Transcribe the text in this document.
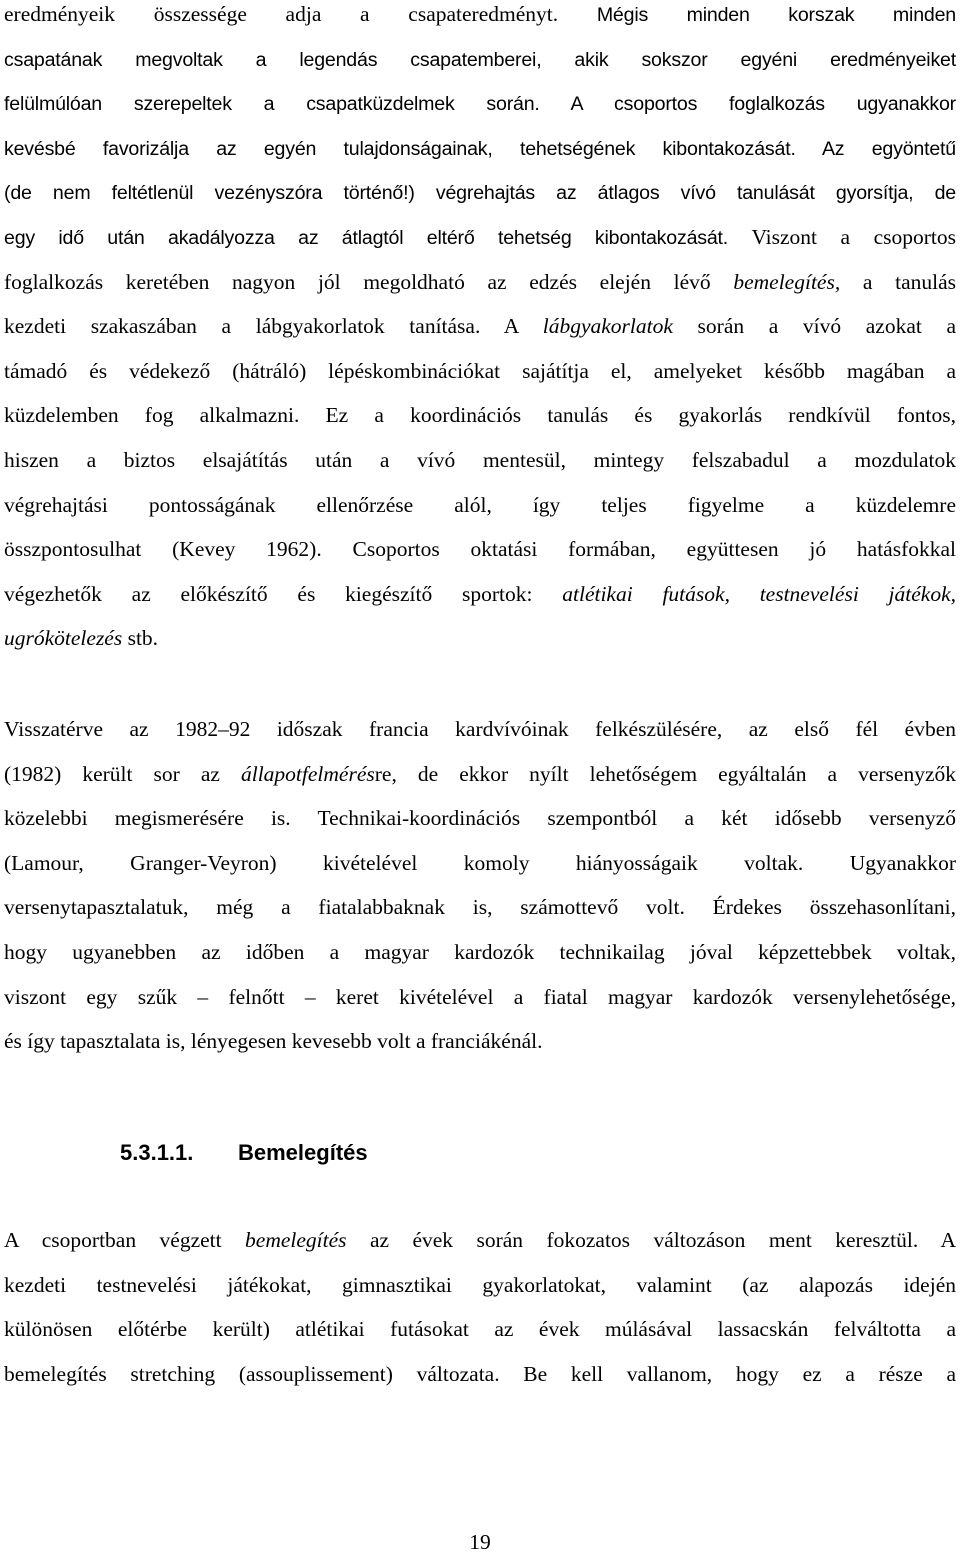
eredményeik összessége adja a csapateredményt. Mégis minden korszak minden
csapatának megvoltak a legendás csapatemberei, akik sokszor egyéni eredményeiket
felülmúlóan szerepeltek a csapatküzdelmek során. A csoportos foglalkozás ugyanakkor
kevésbé favorizálja az egyén tulajdonságainak, tehetségének kibontakozását. Az egyöntetű
(de nem feltétlenül vezényszóra történő!) végrehajtás az átlagos vívó tanulását gyorsítja, de
egy idő után akadályozza az átlagtól eltérő tehetség kibontakozását. Viszont a csoportos
foglalkozás keretében nagyon jól megoldható az edzés elején lévő bemelegítés, a tanulás
kezdeti szakaszában a lábgyakorlatok tanítása. A lábgyakorlatok során a vívó azokat a
támadó és védekező (hátráló) lépéskombinációkat sajátítja el, amelyeket később magában a
küzdelemben fog alkalmazni. Ez a koordinációs tanulás és gyakorlás rendkívül fontos,
hiszen a biztos elsajátítás után a vívó mentesül, mintegy felszabadul a mozdulatok
végrehajtási pontosságának ellenőrzése alól, így teljes figyelme a küzdelemre
összpontosulhat (Kevey 1962). Csoportos oktatási formában, együttesen jó hatásfokkal
végezhetők az előkészítő és kiegészítő sportok: atlétikai futások, testnevelési játékok,
ugrókötelezés stb.
Visszatérve az 1982–92 időszak francia kardvívóinak felkészülésére, az első fél évben
(1982) került sor az állapotfelmérésre, de ekkor nyílt lehetőségem egyáltalán a versenyzők
közelebbi megismerésére is. Technikai-koordinációs szempontból a két idősebb versenyző
(Lamour, Granger-Veyron) kivételével komoly hiányosságaik voltak. Ugyanakkor
versenytapasztalatuk, még a fiatalabbaknak is, számottevő volt. Érdekes összehasonlítani,
hogy ugyanebben az időben a magyar kardozók technikailag jóval képzettebbek voltak,
viszont egy szűk – felnőtt – keret kivételével a fiatal magyar kardozók versenylehetősége,
és így tapasztalata is, lényegesen kevesebb volt a franciákénál.
A csoportban végzett bemelegítés az évek során fokozatos változáson ment keresztül. A
kezdeti testnevelési játékokat, gimnasztikai gyakorlatokat, valamint (az alapozás idején
különösen előtérbe került) atlétikai futásokat az évek múlásával lassacskán felváltotta a
bemelegítés stretching (assouplissement) változata. Be kell vallanom, hogy ez a része a
5.3.1.1. Bemelegítés
19
